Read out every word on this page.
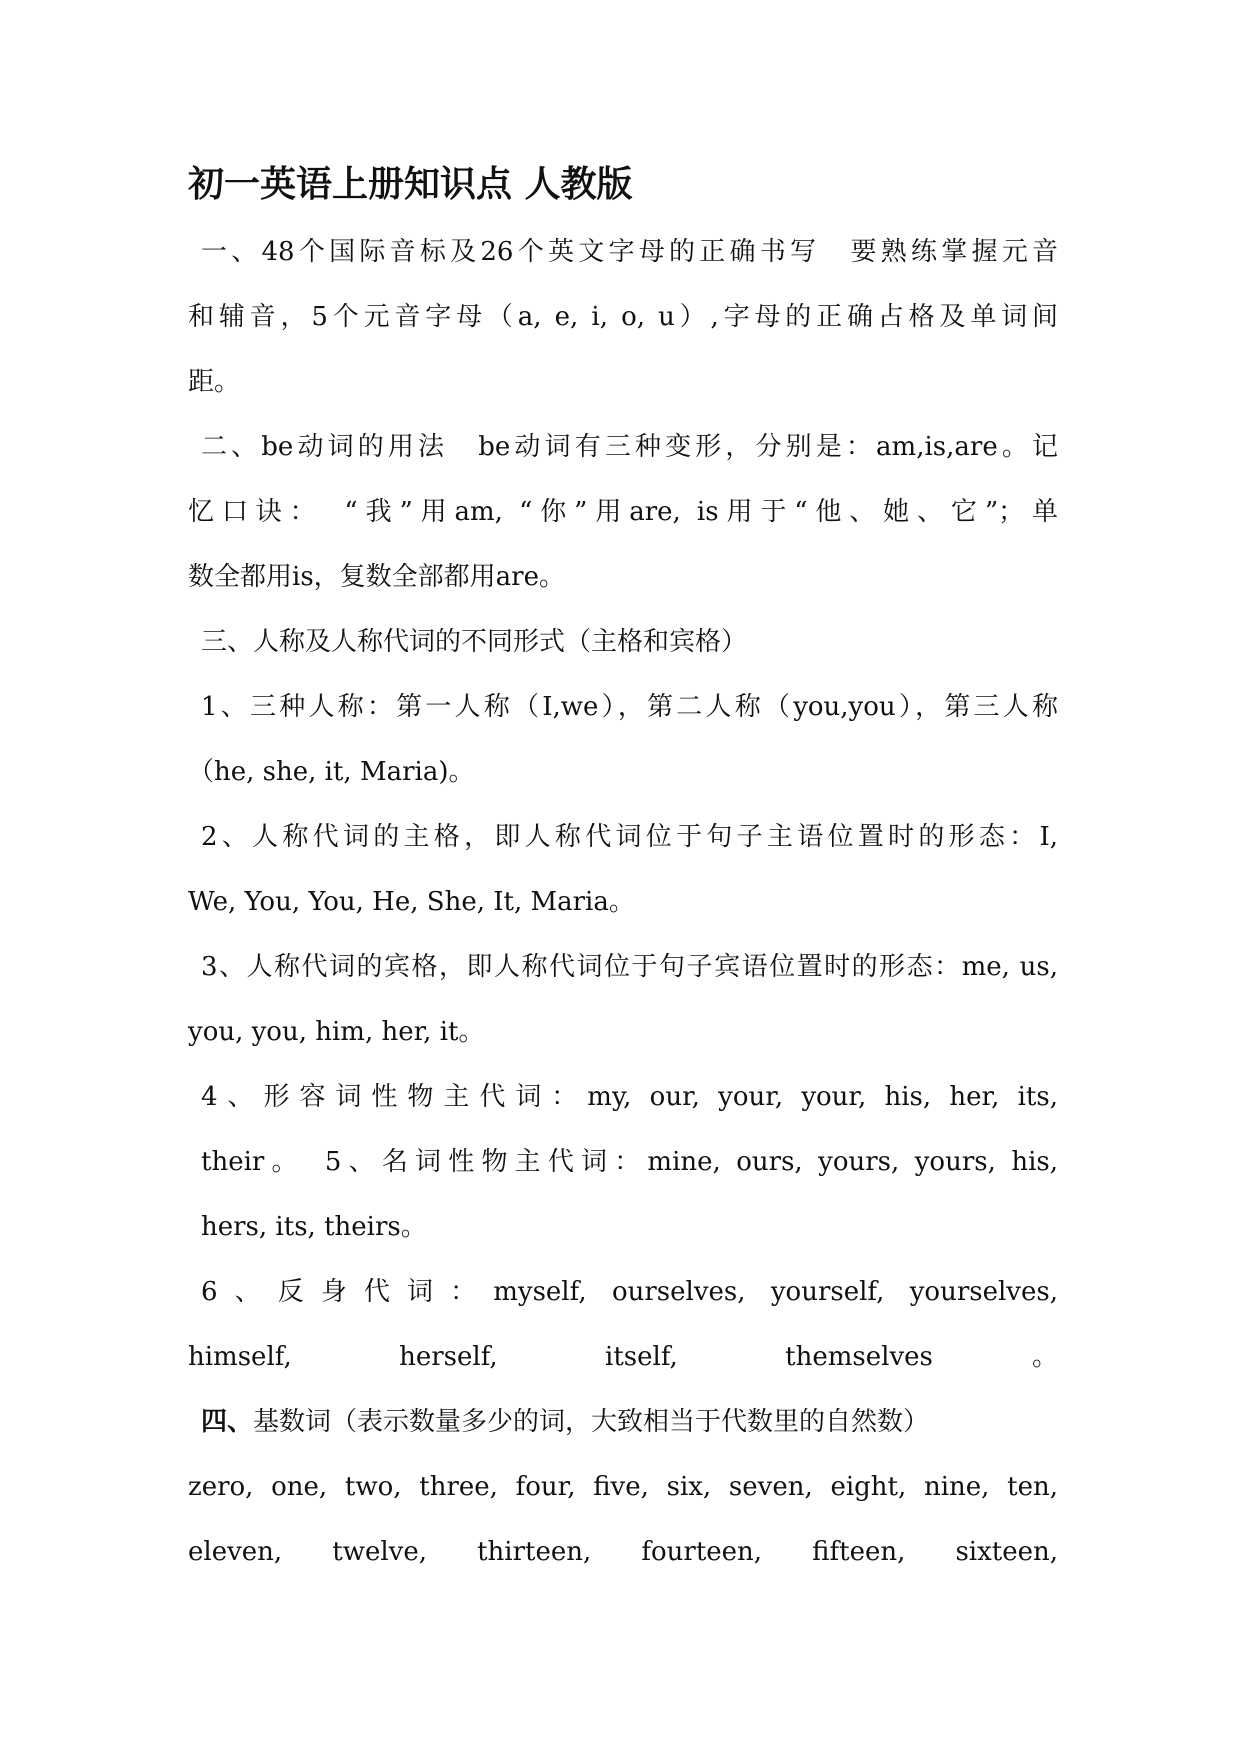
初一英语上册知识点 人教版
一、48个国际音标及26个英文字母的正确书写　要熟练掌握元音
和辅音，5个元音字母（a, e, i, o, u）,字母的正确占格及单词间
距。
二、be动词的用法　be动词有三种变形，分别是：am,is,are。记
忆口诀：　“我”用am, “你”用are, is用于“他、她、它”；单
数全都用is，复数全部都用are。
三、人称及人称代词的不同形式（主格和宾格）
1、三种人称：第一人称（I,we），第二人称（you,you），第三人称
（he, she, it, Maria)。
2、人称代词的主格，即人称代词位于句子主语位置时的形态：I,
We, You, You, He, She, It, Maria。
3、人称代词的宾格，即人称代词位于句子宾语位置时的形态：me, us,
you, you, him, her, it。
4、形容词性物主代词：my, our, your, your, his, her, its,
their。　5、名词性物主代词：mine, ours, yours, yours, his,
hers, its, theirs。
6、反身代词：myself, ourselves, yourself, yourselves,
himself, herself, itself, themselves。
四、基数词（表示数量多少的词，大致相当于代数里的自然数）
zero, one, two, three, four, five, six, seven, eight, nine, ten,
eleven, twelve, thirteen, fourteen, fifteen, sixteen,
